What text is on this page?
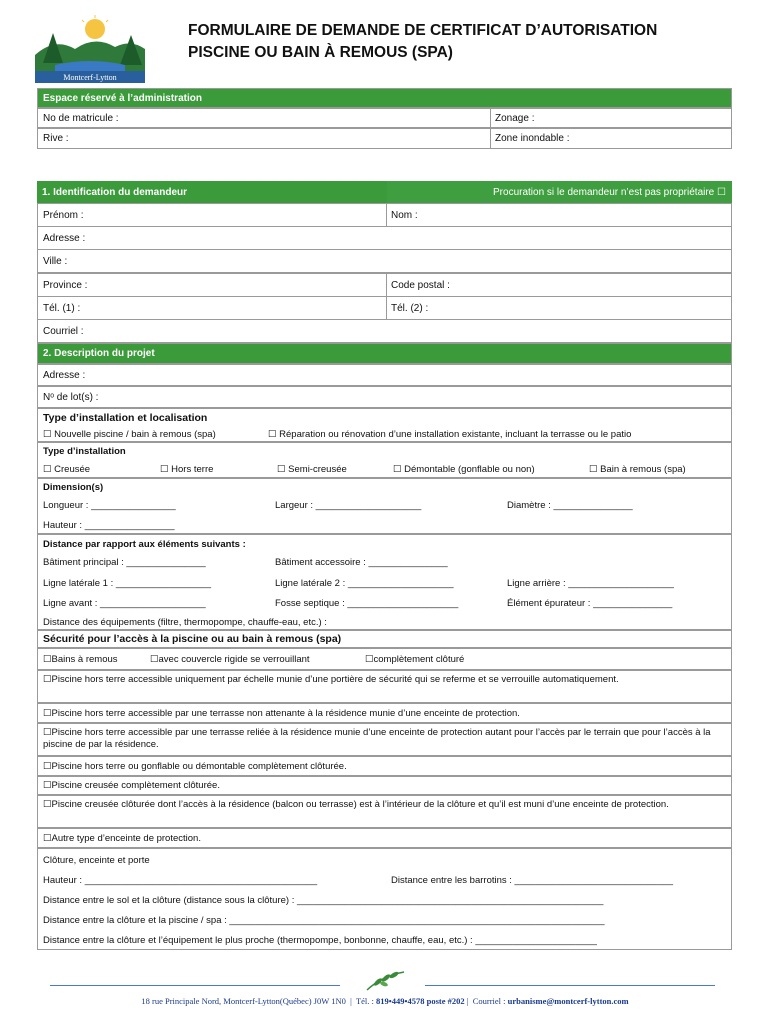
Montcerf-Lytton
FORMULAIRE DE DEMANDE DE CERTIFICAT D’AUTORISATION
PISCINE OU BAIN À REMOUS (SPA)
Espace réservé à l’administration
No de matricule :	Zonage :
Rive :	Zone inondable :
1. Identification du demandeur	Procuration si le demandeur n’est pas propriétaire ☐
Prénom :	Nom :
Adresse :
Ville :
Province :	Code postal :
Tél. (1) :	Tél. (2) :
Courriel :
2. Description du projet
Adresse :
Nᵒ de lot(s) :
Type d’installation et localisation
☐ Nouvelle piscine / bain à remous (spa)	☐ Réparation ou rénovation d’une installation existante, incluant la terrasse ou le patio
Type d’installation
☐ Creusée	☐ Hors terre	☐ Semi-creusée	☐ Démontable (gonflable ou non)	☐ Bain à remous (spa)
Dimension(s)
Longueur : ________________	Largeur : ____________________	Diamètre : _______________
Hauteur : _________________
Distance par rapport aux éléments suivants :
Bâtiment principal : _______________	Bâtiment accessoire : _______________
Ligne latérale 1 : __________________	Ligne latérale 2 : ____________________	Ligne arrière : ____________________
Ligne avant : ____________________	Fosse septique : _____________________	Élément épurateur : _______________
Distance des équipements (filtre, thermopompe, chauffe-eau, etc.) :
Sécurité pour l’accès à la piscine ou au bain à remous (spa)
☐Bains à remous	☐avec couvercle rigide se verrouillant	☐complètement clôturé
☐Piscine hors terre accessible uniquement par échelle munie d’une portière de sécurité qui se referme et se verrouille automatiquement.
☐Piscine hors terre accessible par une terrasse non attenante à la résidence munie d’une enceinte de protection.
☐Piscine hors terre accessible par une terrasse reliée à la résidence munie d’une enceinte de protection autant pour l’accès par le terrain que pour l’accès à la piscine de par la résidence.
☐Piscine hors terre ou gonflable ou démontable complètement clôturée.
☐Piscine creusée complètement clôturée.
☐Piscine creusée clôturée dont l’accès à la résidence (balcon ou terrasse) est à l’intérieur de la clôture et qu’il est muni d’une enceinte de protection.
☐Autre type d’enceinte de protection.
Clôture, enceinte et porte
Hauteur : ____________________________________________	Distance entre les barrotins : ______________________________
Distance entre le sol et la clôture (distance sous la clôture) : __________________________________________________________
Distance entre la clôture et la piscine / spa : _______________________________________________________________________
Distance entre la clôture et l’équipement le plus proche (thermopompe, bonbonne, chauffe, eau, etc.) : _______________________
18 rue Principale Nord, Montcerf-Lytton(Québec) J0W 1N0  |  Tél. : 819•449•4578 poste #202 |  Courriel : urbanisme@montcerf-lytton.com
